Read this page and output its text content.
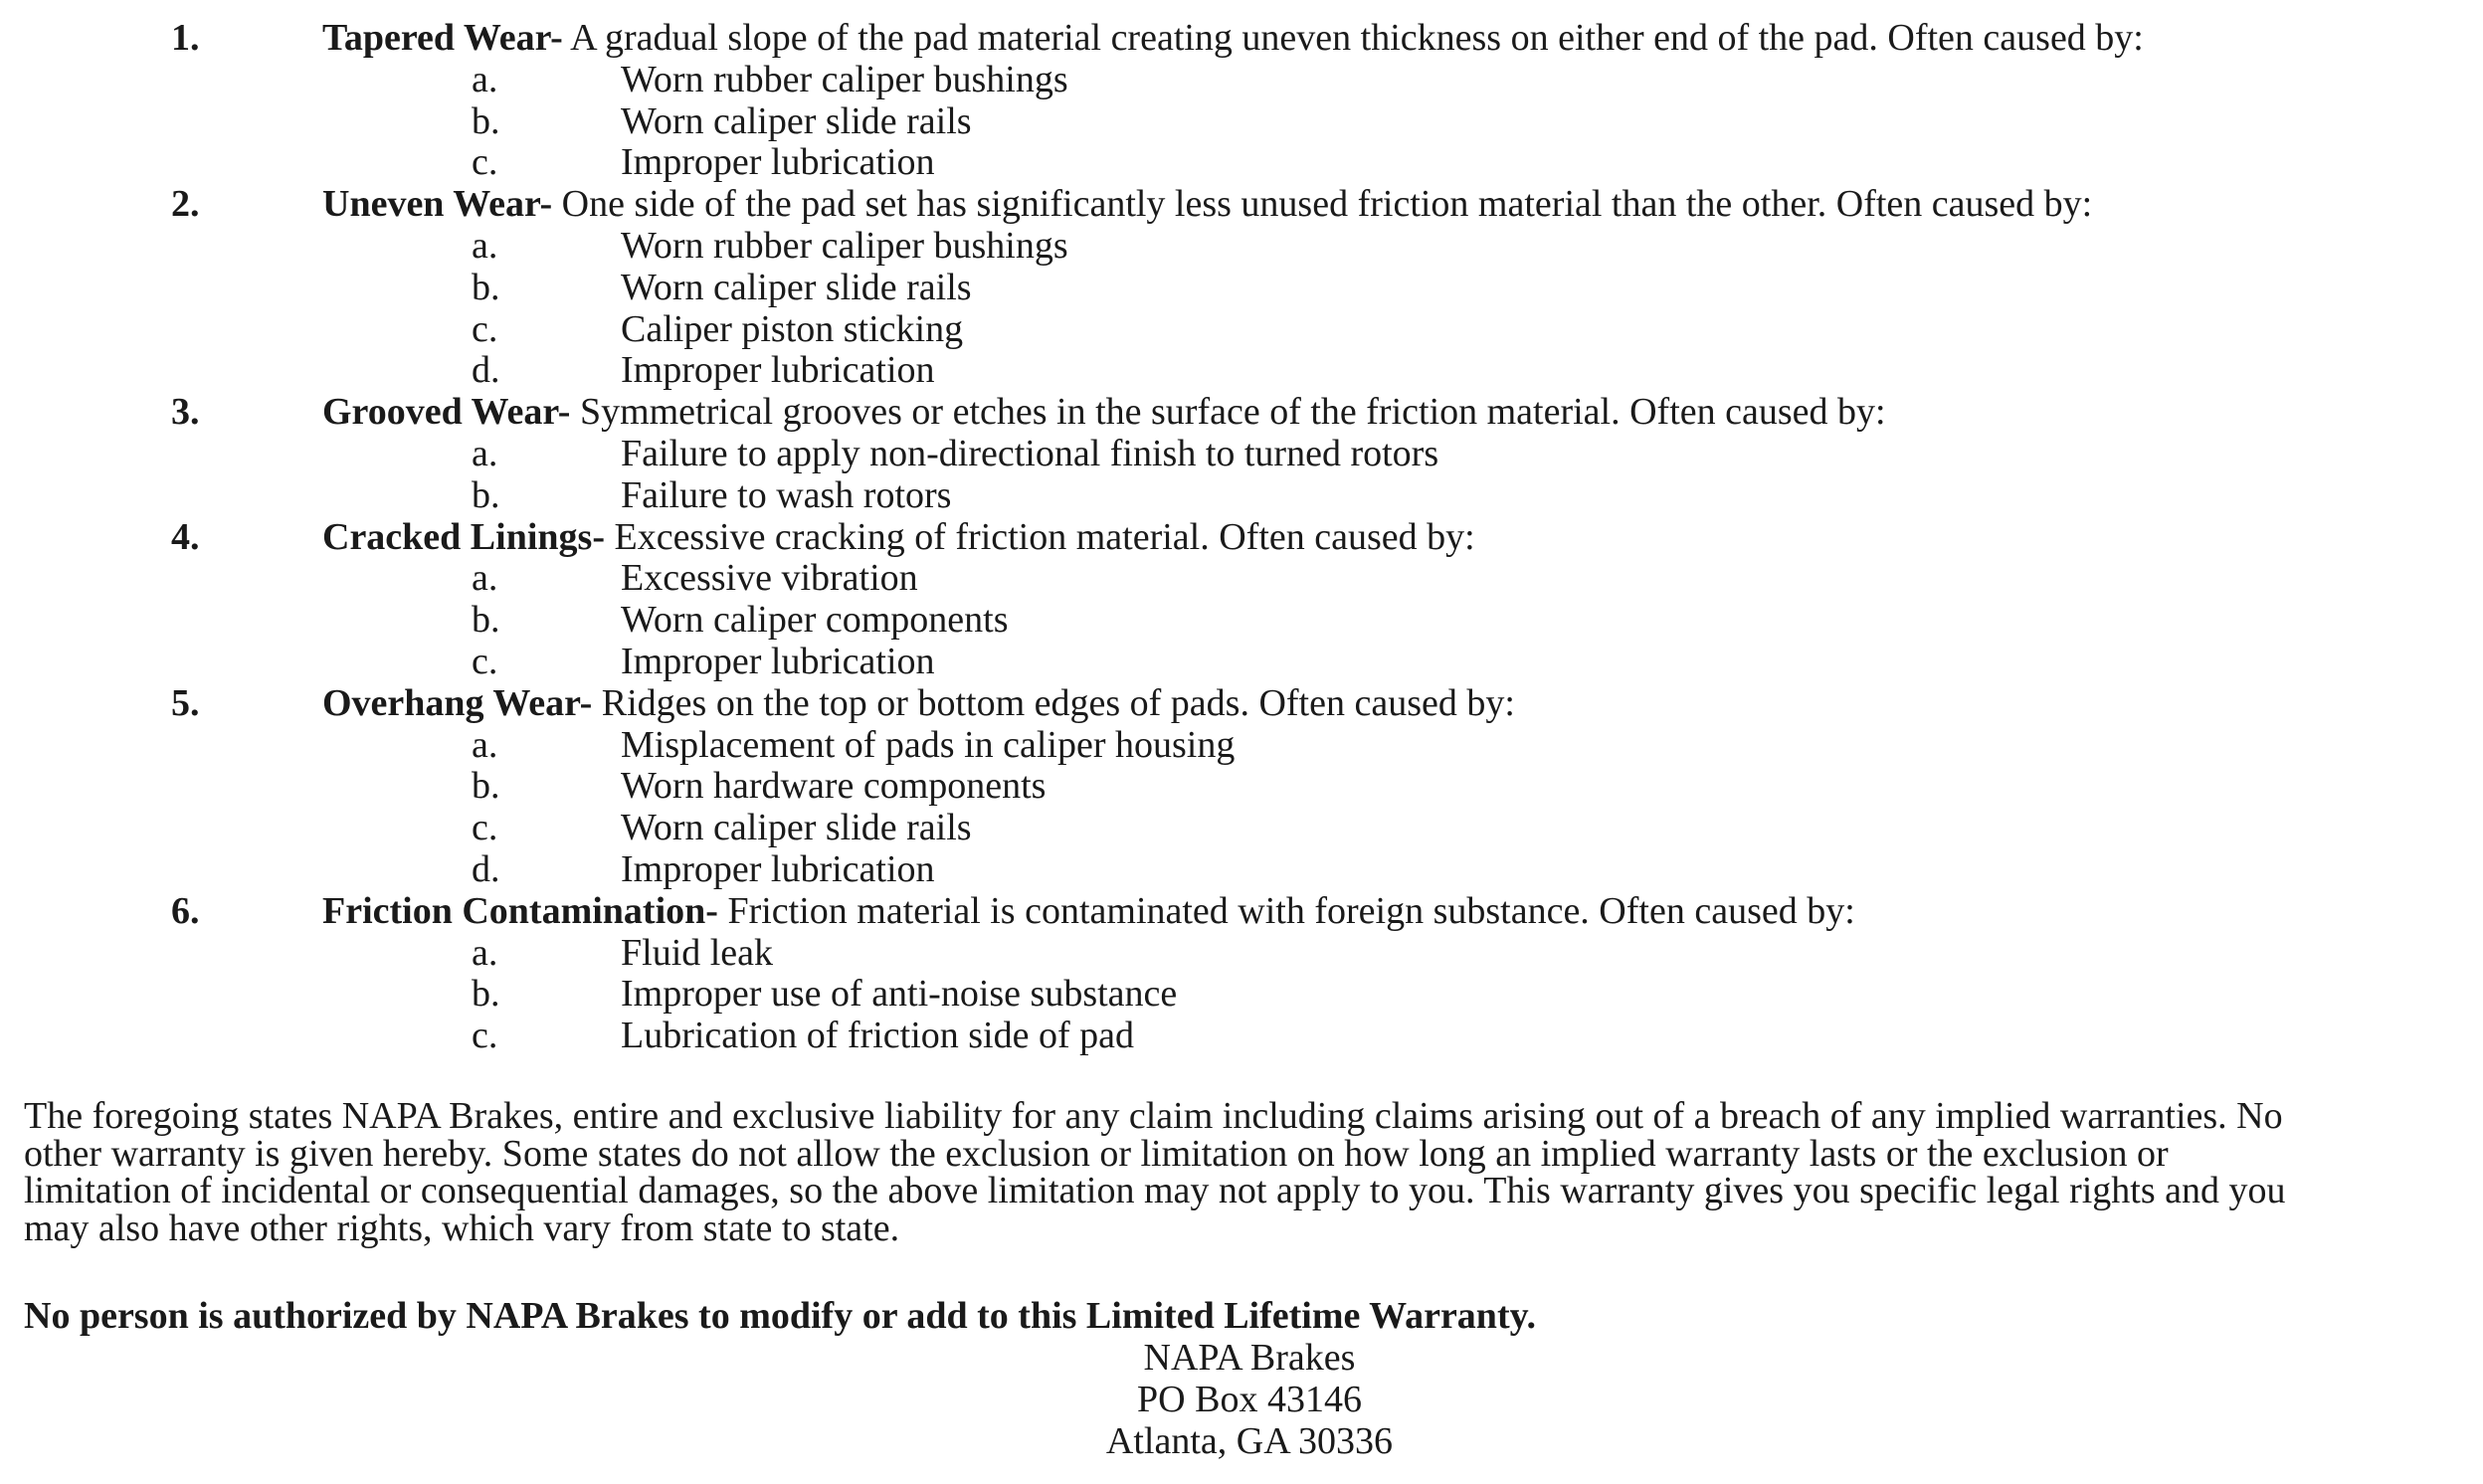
1.	Tapered Wear- A gradual slope of the pad material creating uneven thickness on either end of the pad. Often caused by:
a.	Worn rubber caliper bushings
b.	Worn caliper slide rails
c.	Improper lubrication
2.	Uneven Wear- One side of the pad set has significantly less unused friction material than the other. Often caused by:
a.	Worn rubber caliper bushings
b.	Worn caliper slide rails
c.	Caliper piston sticking
d.	Improper lubrication
3.	Grooved Wear- Symmetrical grooves or etches in the surface of the friction material. Often caused by:
a.	Failure to apply non-directional finish to turned rotors
b.	Failure to wash rotors
4.	Cracked Linings- Excessive cracking of friction material. Often caused by:
a.	Excessive vibration
b.	Worn caliper components
c.	Improper lubrication
5.	Overhang Wear- Ridges on the top or bottom edges of pads. Often caused by:
a.	Misplacement of pads in caliper housing
b.	Worn hardware components
c.	Worn caliper slide rails
d.	Improper lubrication
6.	Friction Contamination- Friction material is contaminated with foreign substance. Often caused by:
a.	Fluid leak
b.	Improper use of anti-noise substance
c.	Lubrication of friction side of pad
The foregoing states NAPA Brakes, entire and exclusive liability for any claim including claims arising out of a breach of any implied warranties. No
other warranty is given hereby. Some states do not allow the exclusion or limitation on how long an implied warranty lasts or the exclusion or
limitation of incidental or consequential damages, so the above limitation may not apply to you. This warranty gives you specific legal rights and you
may also have other rights, which vary from state to state.
No person is authorized by NAPA Brakes to modify or add to this Limited Lifetime Warranty.
NAPA Brakes
PO Box 43146
Atlanta, GA 30336
